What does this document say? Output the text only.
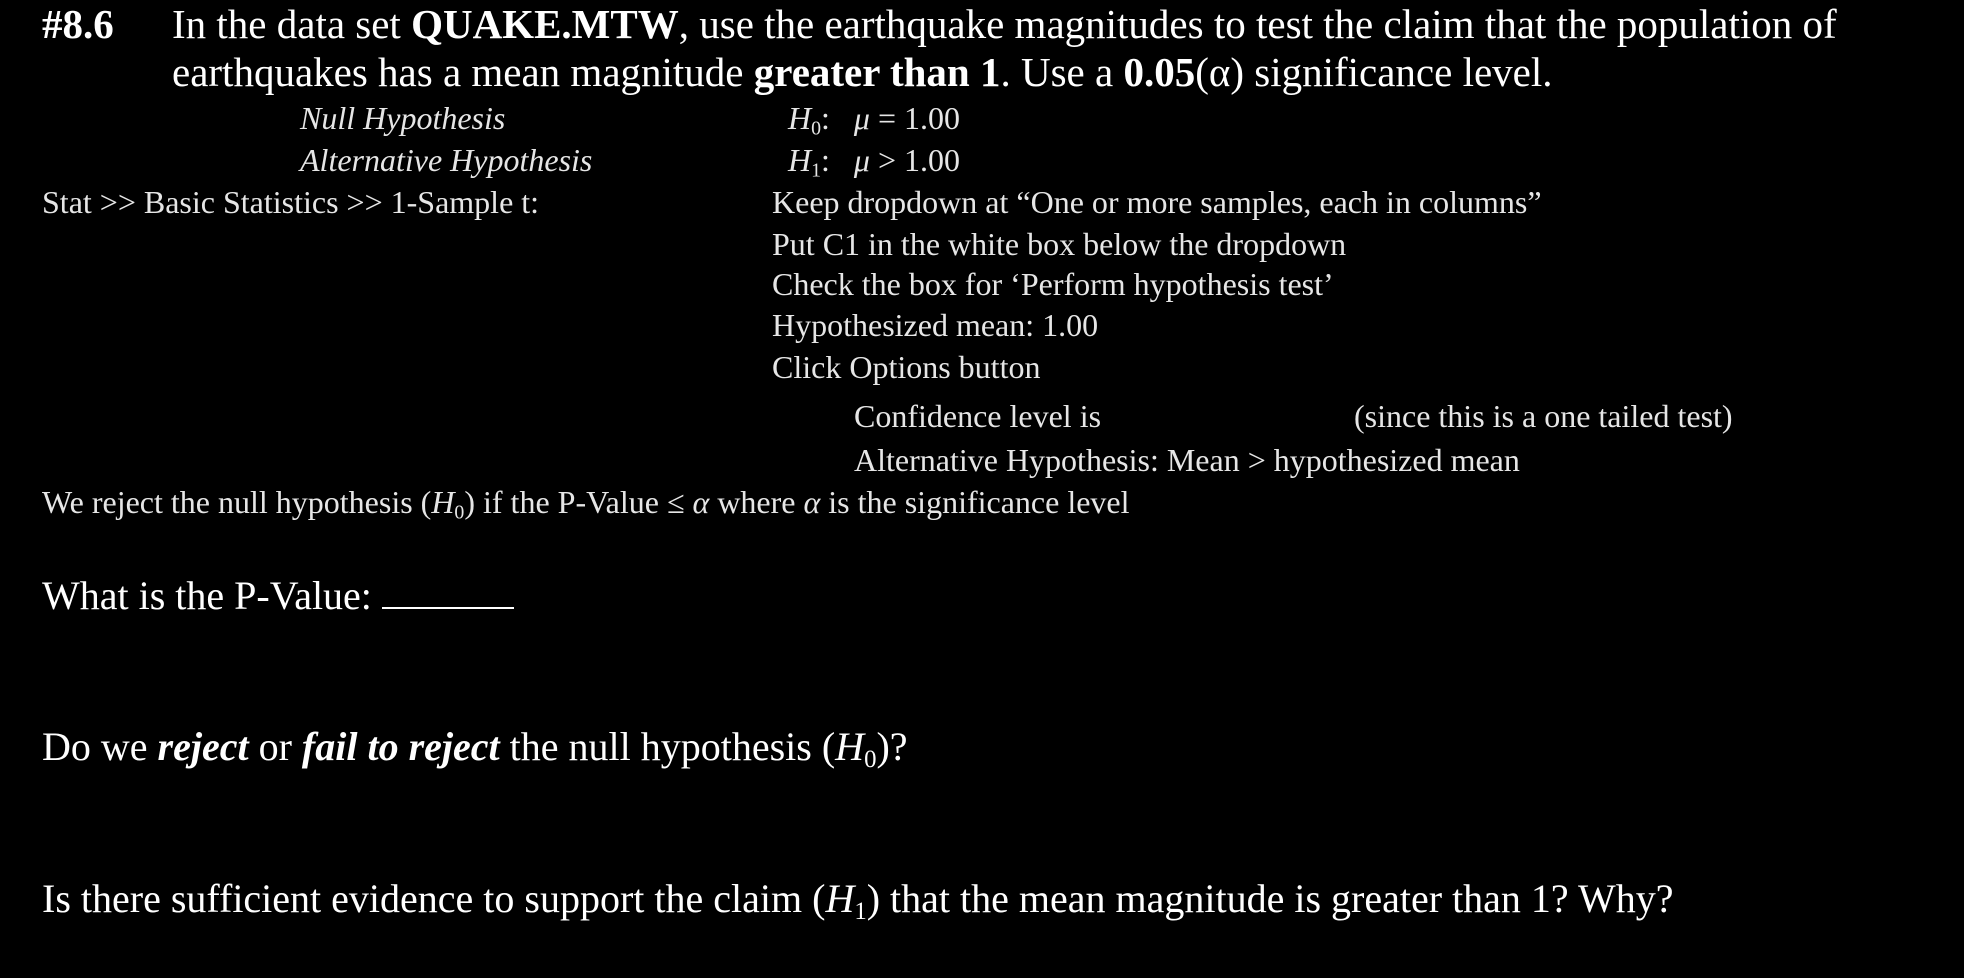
#8.6 In the data set QUAKE.MTW, use the earthquake magnitudes to test the claim that the population of
earthquakes has a mean magnitude greater than 1. Use a 0.05(α) significance level.
Null Hypothesis	$H_0$:   μ = 1.00
Alternative Hypothesis	$H_1$:   μ > 1.00
Stat >> Basic Statistics >> 1-Sample t:	Keep dropdown at “One or more samples, each in columns”
Put C1 in the white box below the dropdown
Check the box for ‘Perform hypothesis test’
Hypothesized mean: 1.00
Click Options button
Confidence level is	(since this is a one tailed test)
Alternative Hypothesis: Mean > hypothesized mean
We reject the null hypothesis $(H_0)$ if the P-Value ≤ α where α is the significance level
What is the P-Value:
Do we reject or fail to reject the null hypothesis $(H_0)$?
Is there sufficient evidence to support the claim $(H_1)$ that the mean magnitude is greater than 1? Why?
